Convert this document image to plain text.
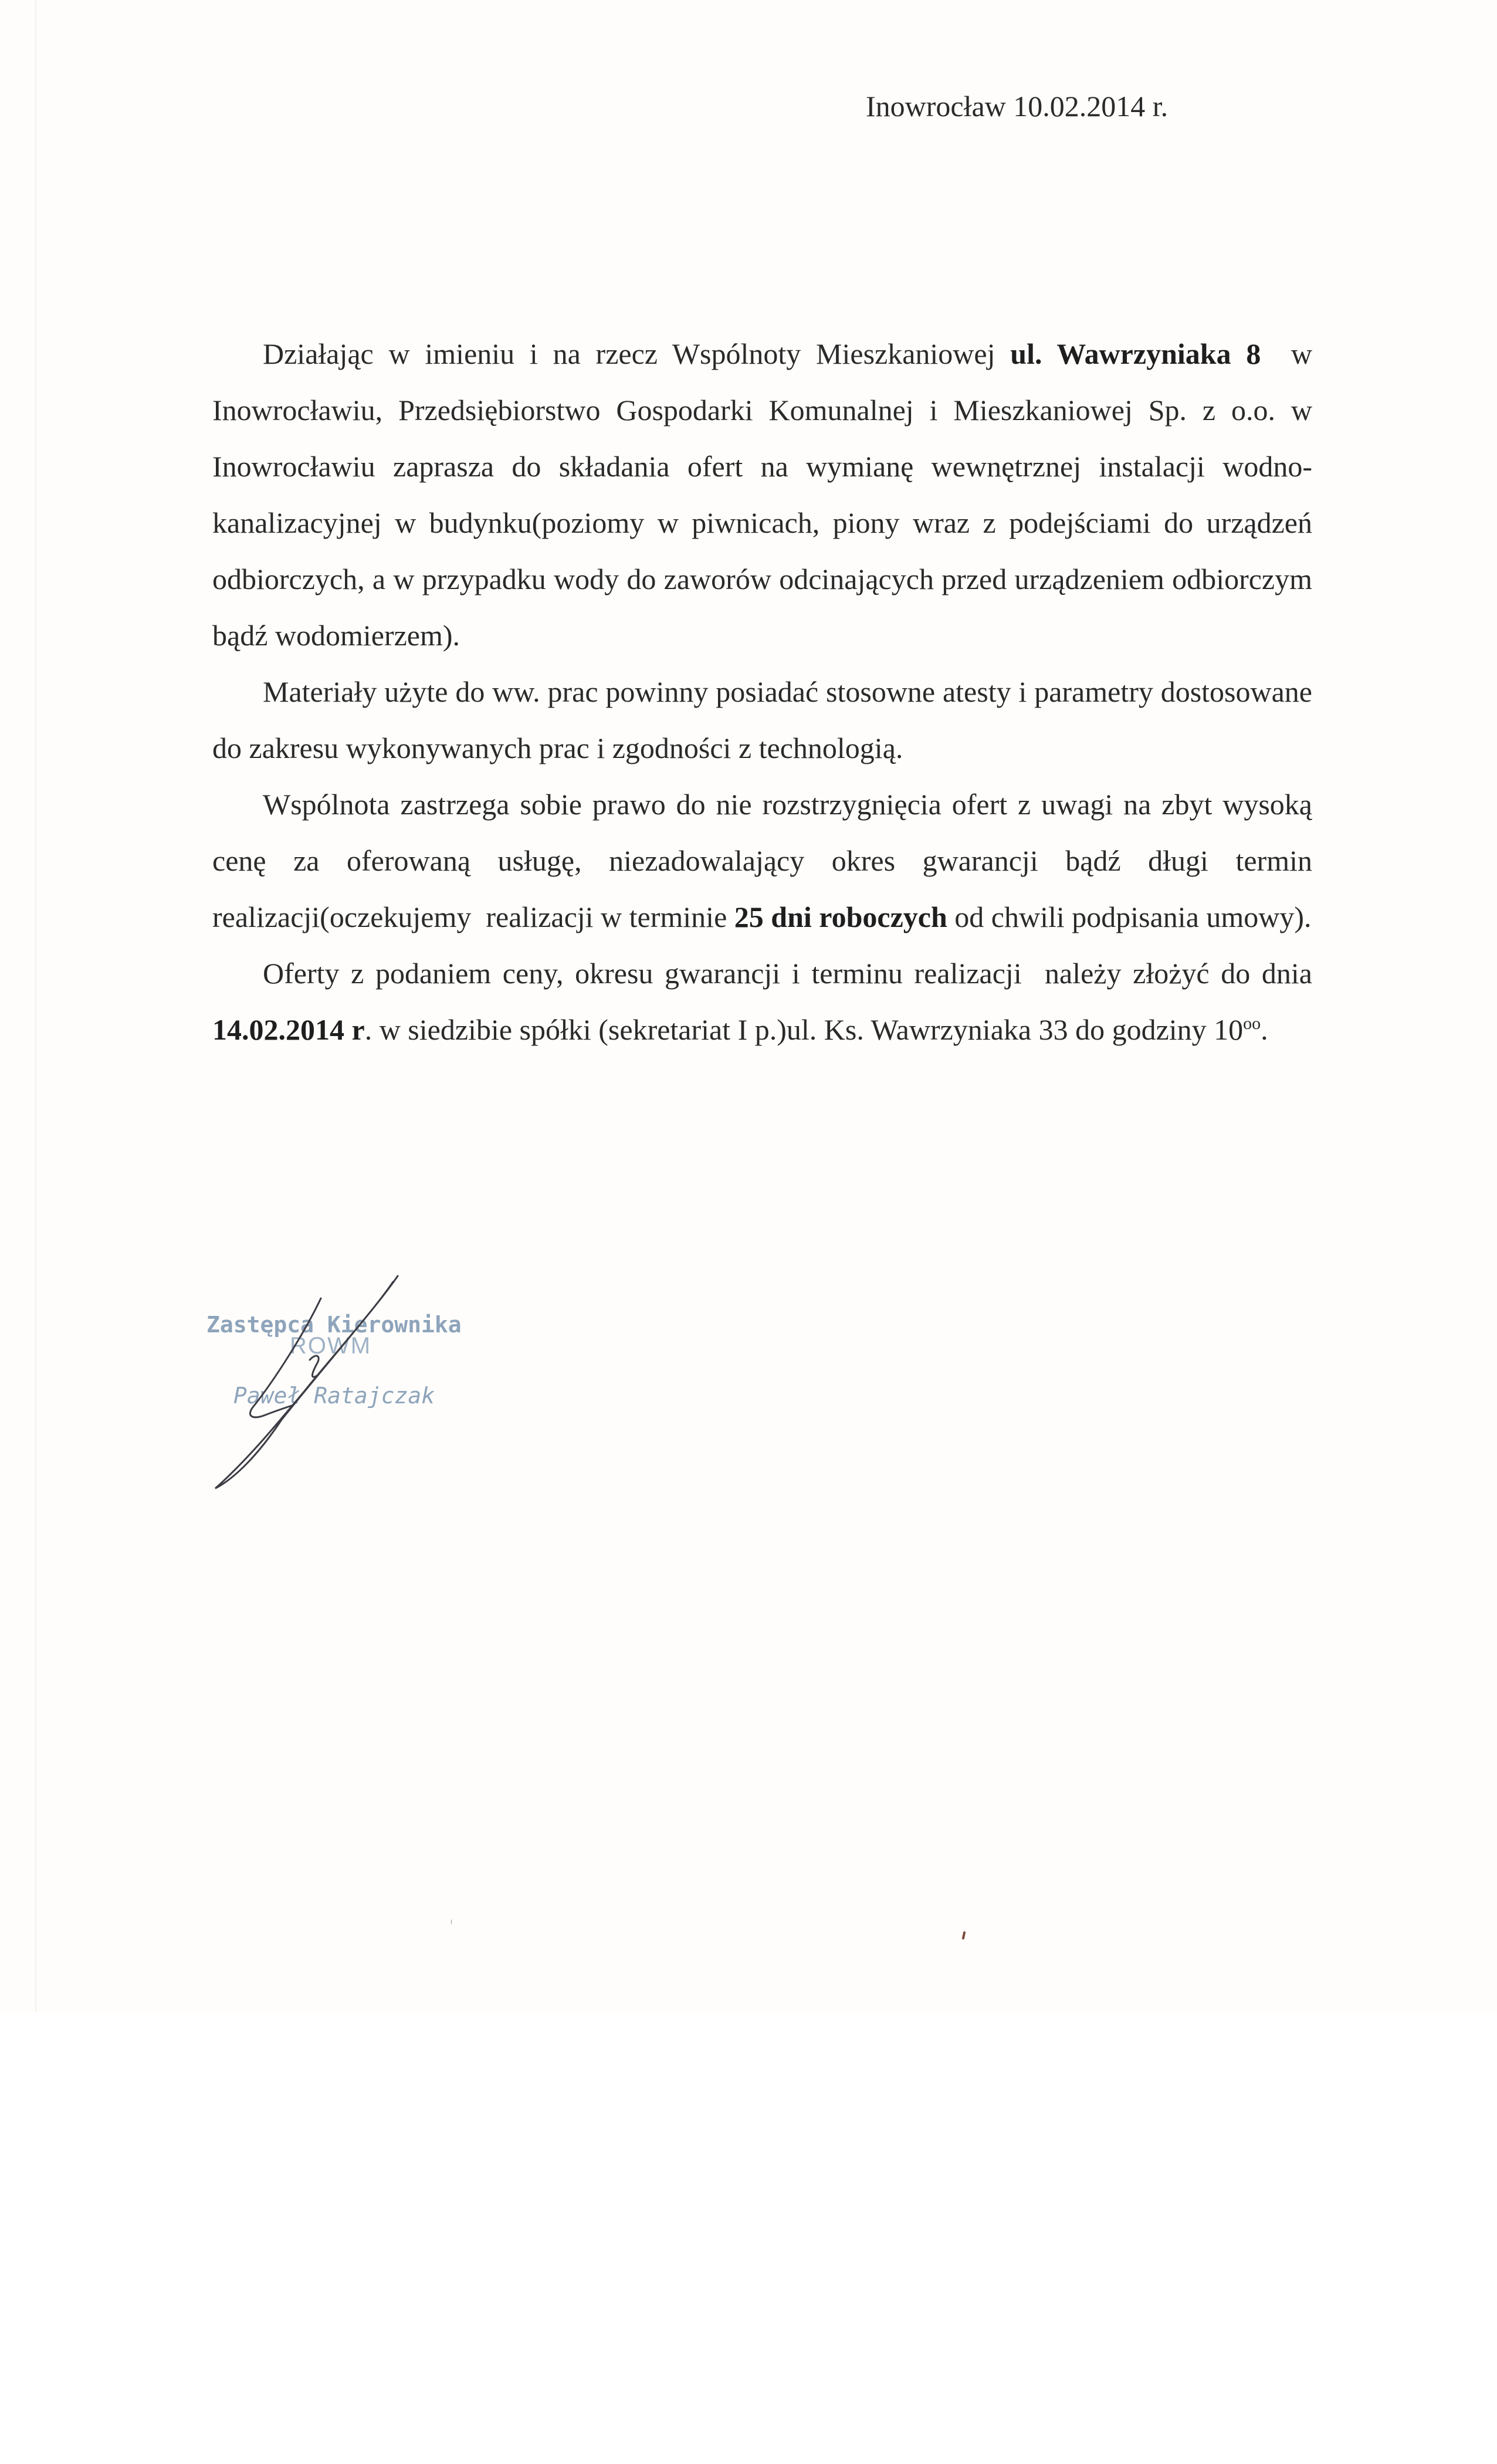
Inowrocław 10.02.2014 r.
Działając w imieniu i na rzecz Wspólnoty Mieszkaniowej ul. Wawrzyniaka 8  w
Inowrocławiu, Przedsiębiorstwo Gospodarki Komunalnej i Mieszkaniowej Sp. z o.o. w
Inowrocławiu zaprasza do składania ofert na wymianę wewnętrznej instalacji wodno-
kanalizacyjnej w budynku(poziomy w piwnicach, piony wraz z podejściami do urządzeń
odbiorczych, a w przypadku wody do zaworów odcinających przed urządzeniem odbiorczym
bądź wodomierzem).
Materiały użyte do ww. prac powinny posiadać stosowne atesty i parametry dostosowane
do zakresu wykonywanych prac i zgodności z technologią.
Wspólnota zastrzega sobie prawo do nie rozstrzygnięcia ofert z uwagi na zbyt wysoką
cenę za oferowaną usługę, niezadowalający okres gwarancji bądź długi termin
realizacji(oczekujemy  realizacji w terminie 25 dni roboczych od chwili podpisania umowy).
Oferty z podaniem ceny, okresu gwarancji i terminu realizacji  należy złożyć do dnia
14.02.2014 r. w siedzibie spółki (sekretariat I p.)ul. Ks. Wawrzyniaka 33 do godziny $10^{oo}$.
Zastępca Kierownika
ROWM
Paweł Ratajczak
